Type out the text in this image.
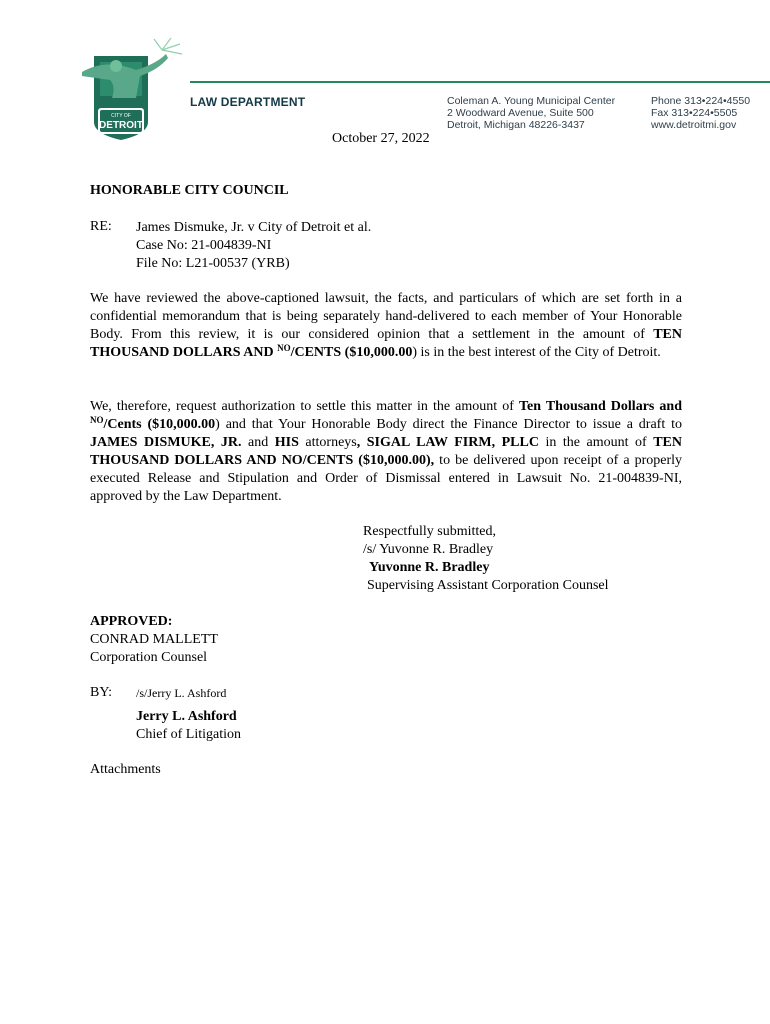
CITY OF
DETROIT
LAW DEPARTMENT	Coleman A. Young Municipal Center
2 Woodward Avenue, Suite 500
Detroit, Michigan 48226-3437
Phone 313•224•4550
Fax 313•224•5505
www.detroitmi.gov
October 27, 2022
HONORABLE CITY COUNCIL
RE: James Dismuke, Jr. v City of Detroit et al.
Case No: 21-004839-NI
File No: L21-00537 (YRB)
We have reviewed the above-captioned lawsuit, the facts, and particulars of which are set forth in a confidential memorandum that is being separately hand-delivered to each member of Your Honorable Body. From this review, it is our considered opinion that a settlement in the amount of TEN THOUSAND DOLLARS AND $^{NO}$/CENTS ($10,000.00) is in the best interest of the City of Detroit.
We, therefore, request authorization to settle this matter in the amount of Ten Thousand Dollars and $^{NO}$/Cents ($10,000.00) and that Your Honorable Body direct the Finance Director to issue a draft to JAMES DISMUKE, JR. and HIS attorneys, SIGAL LAW FIRM, PLLC in the amount of TEN THOUSAND DOLLARS AND NO/CENTS ($10,000.00), to be delivered upon receipt of a properly executed Release and Stipulation and Order of Dismissal entered in Lawsuit No. 21-004839-NI, approved by the Law Department.
Respectfully submitted,
/s/ Yuvonne R. Bradley
Yuvonne R. Bradley
Supervising Assistant Corporation Counsel
APPROVED:
CONRAD MALLETT
Corporation Counsel
BY: /s/Jerry L. Ashford
Jerry L. Ashford
Chief of Litigation
Attachments
